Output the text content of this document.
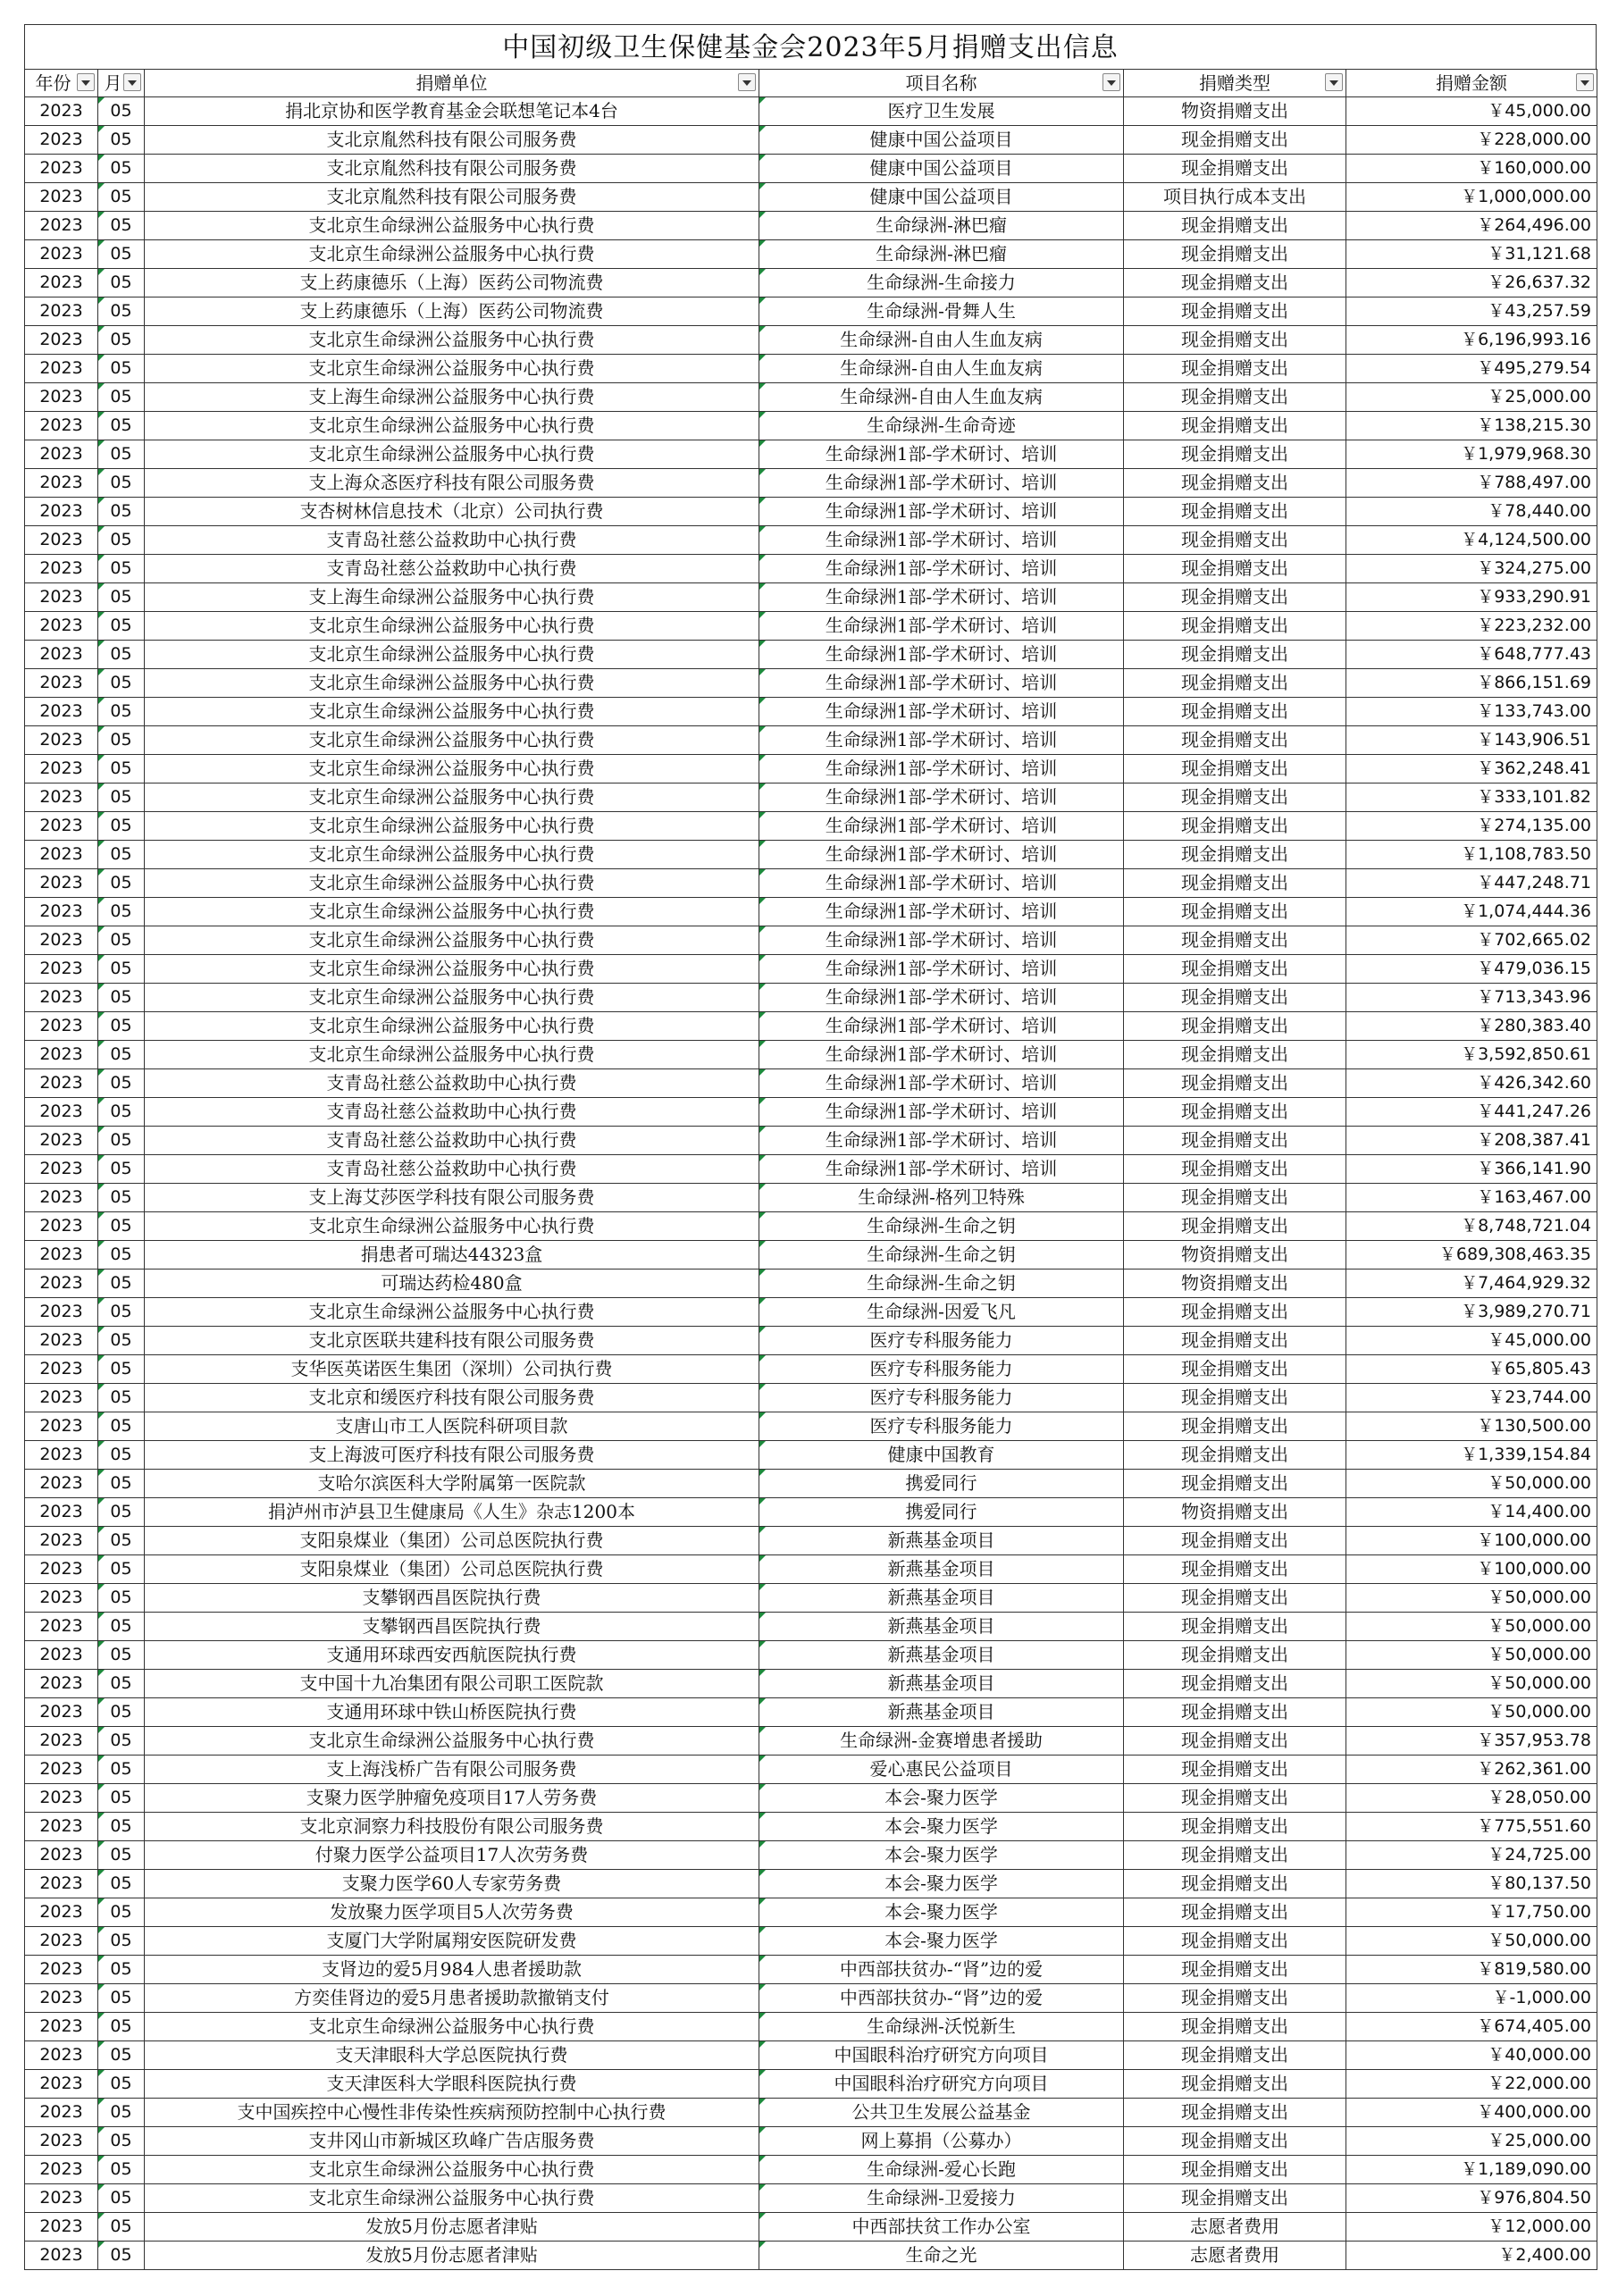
中国初级卫生保健基金会2023年5月捐赠支出信息
年份	月	捐赠单位	项目名称	捐赠类型	捐赠金额

2023	05	捐北京协和医学教育基金会联想笔记本4台	医疗卫生发展	物资捐赠支出	￥45,000.00
2023	05	支北京胤然科技有限公司服务费	健康中国公益项目	现金捐赠支出	￥228,000.00
2023	05	支北京胤然科技有限公司服务费	健康中国公益项目	现金捐赠支出	￥160,000.00
2023	05	支北京胤然科技有限公司服务费	健康中国公益项目	项目执行成本支出	￥1,000,000.00
2023	05	支北京生命绿洲公益服务中心执行费	生命绿洲-淋巴瘤	现金捐赠支出	￥264,496.00
2023	05	支北京生命绿洲公益服务中心执行费	生命绿洲-淋巴瘤	现金捐赠支出	￥31,121.68
2023	05	支上药康德乐（上海）医药公司物流费	生命绿洲-生命接力	现金捐赠支出	￥26,637.32
2023	05	支上药康德乐（上海）医药公司物流费	生命绿洲-骨舞人生	现金捐赠支出	￥43,257.59
2023	05	支北京生命绿洲公益服务中心执行费	生命绿洲-自由人生血友病	现金捐赠支出	￥6,196,993.16
2023	05	支北京生命绿洲公益服务中心执行费	生命绿洲-自由人生血友病	现金捐赠支出	￥495,279.54
2023	05	支上海生命绿洲公益服务中心执行费	生命绿洲-自由人生血友病	现金捐赠支出	￥25,000.00
2023	05	支北京生命绿洲公益服务中心执行费	生命绿洲-生命奇迹	现金捐赠支出	￥138,215.30
2023	05	支北京生命绿洲公益服务中心执行费	生命绿洲1部-学术研讨、培训	现金捐赠支出	￥1,979,968.30
2023	05	支上海众忞医疗科技有限公司服务费	生命绿洲1部-学术研讨、培训	现金捐赠支出	￥788,497.00
2023	05	支杏树林信息技术（北京）公司执行费	生命绿洲1部-学术研讨、培训	现金捐赠支出	￥78,440.00
2023	05	支青岛社慈公益救助中心执行费	生命绿洲1部-学术研讨、培训	现金捐赠支出	￥4,124,500.00
2023	05	支青岛社慈公益救助中心执行费	生命绿洲1部-学术研讨、培训	现金捐赠支出	￥324,275.00
2023	05	支上海生命绿洲公益服务中心执行费	生命绿洲1部-学术研讨、培训	现金捐赠支出	￥933,290.91
2023	05	支北京生命绿洲公益服务中心执行费	生命绿洲1部-学术研讨、培训	现金捐赠支出	￥223,232.00
2023	05	支北京生命绿洲公益服务中心执行费	生命绿洲1部-学术研讨、培训	现金捐赠支出	￥648,777.43
2023	05	支北京生命绿洲公益服务中心执行费	生命绿洲1部-学术研讨、培训	现金捐赠支出	￥866,151.69
2023	05	支北京生命绿洲公益服务中心执行费	生命绿洲1部-学术研讨、培训	现金捐赠支出	￥133,743.00
2023	05	支北京生命绿洲公益服务中心执行费	生命绿洲1部-学术研讨、培训	现金捐赠支出	￥143,906.51
2023	05	支北京生命绿洲公益服务中心执行费	生命绿洲1部-学术研讨、培训	现金捐赠支出	￥362,248.41
2023	05	支北京生命绿洲公益服务中心执行费	生命绿洲1部-学术研讨、培训	现金捐赠支出	￥333,101.82
2023	05	支北京生命绿洲公益服务中心执行费	生命绿洲1部-学术研讨、培训	现金捐赠支出	￥274,135.00
2023	05	支北京生命绿洲公益服务中心执行费	生命绿洲1部-学术研讨、培训	现金捐赠支出	￥1,108,783.50
2023	05	支北京生命绿洲公益服务中心执行费	生命绿洲1部-学术研讨、培训	现金捐赠支出	￥447,248.71
2023	05	支北京生命绿洲公益服务中心执行费	生命绿洲1部-学术研讨、培训	现金捐赠支出	￥1,074,444.36
2023	05	支北京生命绿洲公益服务中心执行费	生命绿洲1部-学术研讨、培训	现金捐赠支出	￥702,665.02
2023	05	支北京生命绿洲公益服务中心执行费	生命绿洲1部-学术研讨、培训	现金捐赠支出	￥479,036.15
2023	05	支北京生命绿洲公益服务中心执行费	生命绿洲1部-学术研讨、培训	现金捐赠支出	￥713,343.96
2023	05	支北京生命绿洲公益服务中心执行费	生命绿洲1部-学术研讨、培训	现金捐赠支出	￥280,383.40
2023	05	支北京生命绿洲公益服务中心执行费	生命绿洲1部-学术研讨、培训	现金捐赠支出	￥3,592,850.61
2023	05	支青岛社慈公益救助中心执行费	生命绿洲1部-学术研讨、培训	现金捐赠支出	￥426,342.60
2023	05	支青岛社慈公益救助中心执行费	生命绿洲1部-学术研讨、培训	现金捐赠支出	￥441,247.26
2023	05	支青岛社慈公益救助中心执行费	生命绿洲1部-学术研讨、培训	现金捐赠支出	￥208,387.41
2023	05	支青岛社慈公益救助中心执行费	生命绿洲1部-学术研讨、培训	现金捐赠支出	￥366,141.90
2023	05	支上海艾莎医学科技有限公司服务费	生命绿洲-格列卫特殊	现金捐赠支出	￥163,467.00
2023	05	支北京生命绿洲公益服务中心执行费	生命绿洲-生命之钥	现金捐赠支出	￥8,748,721.04
2023	05	捐患者可瑞达44323盒	生命绿洲-生命之钥	物资捐赠支出	￥689,308,463.35
2023	05	可瑞达药检480盒	生命绿洲-生命之钥	物资捐赠支出	￥7,464,929.32
2023	05	支北京生命绿洲公益服务中心执行费	生命绿洲-因爱飞凡	现金捐赠支出	￥3,989,270.71
2023	05	支北京医联共建科技有限公司服务费	医疗专科服务能力	现金捐赠支出	￥45,000.00
2023	05	支华医英诺医生集团（深圳）公司执行费	医疗专科服务能力	现金捐赠支出	￥65,805.43
2023	05	支北京和缓医疗科技有限公司服务费	医疗专科服务能力	现金捐赠支出	￥23,744.00
2023	05	支唐山市工人医院科研项目款	医疗专科服务能力	现金捐赠支出	￥130,500.00
2023	05	支上海波可医疗科技有限公司服务费	健康中国教育	现金捐赠支出	￥1,339,154.84
2023	05	支哈尔滨医科大学附属第一医院款	携爱同行	现金捐赠支出	￥50,000.00
2023	05	捐泸州市泸县卫生健康局《人生》杂志1200本	携爱同行	物资捐赠支出	￥14,400.00
2023	05	支阳泉煤业（集团）公司总医院执行费	新燕基金项目	现金捐赠支出	￥100,000.00
2023	05	支阳泉煤业（集团）公司总医院执行费	新燕基金项目	现金捐赠支出	￥100,000.00
2023	05	支攀钢西昌医院执行费	新燕基金项目	现金捐赠支出	￥50,000.00
2023	05	支攀钢西昌医院执行费	新燕基金项目	现金捐赠支出	￥50,000.00
2023	05	支通用环球西安西航医院执行费	新燕基金项目	现金捐赠支出	￥50,000.00
2023	05	支中国十九冶集团有限公司职工医院款	新燕基金项目	现金捐赠支出	￥50,000.00
2023	05	支通用环球中铁山桥医院执行费	新燕基金项目	现金捐赠支出	￥50,000.00
2023	05	支北京生命绿洲公益服务中心执行费	生命绿洲-金赛增患者援助	现金捐赠支出	￥357,953.78
2023	05	支上海浅桥广告有限公司服务费	爱心惠民公益项目	现金捐赠支出	￥262,361.00
2023	05	支聚力医学肿瘤免疫项目17人劳务费	本会-聚力医学	现金捐赠支出	￥28,050.00
2023	05	支北京洞察力科技股份有限公司服务费	本会-聚力医学	现金捐赠支出	￥775,551.60
2023	05	付聚力医学公益项目17人次劳务费	本会-聚力医学	现金捐赠支出	￥24,725.00
2023	05	支聚力医学60人专家劳务费	本会-聚力医学	现金捐赠支出	￥80,137.50
2023	05	发放聚力医学项目5人次劳务费	本会-聚力医学	现金捐赠支出	￥17,750.00
2023	05	支厦门大学附属翔安医院研发费	本会-聚力医学	现金捐赠支出	￥50,000.00
2023	05	支肾边的爱5月984人患者援助款	中西部扶贫办-“肾”边的爱	现金捐赠支出	￥819,580.00
2023	05	方奕佳肾边的爱5月患者援助款撤销支付	中西部扶贫办-“肾”边的爱	现金捐赠支出	￥-1,000.00
2023	05	支北京生命绿洲公益服务中心执行费	生命绿洲-沃悦新生	现金捐赠支出	￥674,405.00
2023	05	支天津眼科大学总医院执行费	中国眼科治疗研究方向项目	现金捐赠支出	￥40,000.00
2023	05	支天津医科大学眼科医院执行费	中国眼科治疗研究方向项目	现金捐赠支出	￥22,000.00
2023	05	支中国疾控中心慢性非传染性疾病预防控制中心执行费	公共卫生发展公益基金	现金捐赠支出	￥400,000.00
2023	05	支井冈山市新城区玖峰广告店服务费	网上募捐（公募办）	现金捐赠支出	￥25,000.00
2023	05	支北京生命绿洲公益服务中心执行费	生命绿洲-爱心长跑	现金捐赠支出	￥1,189,090.00
2023	05	支北京生命绿洲公益服务中心执行费	生命绿洲-卫爱接力	现金捐赠支出	￥976,804.50
2023	05	发放5月份志愿者津贴	中西部扶贫工作办公室	志愿者费用	￥12,000.00
2023	05	发放5月份志愿者津贴	生命之光	志愿者费用	￥2,400.00
